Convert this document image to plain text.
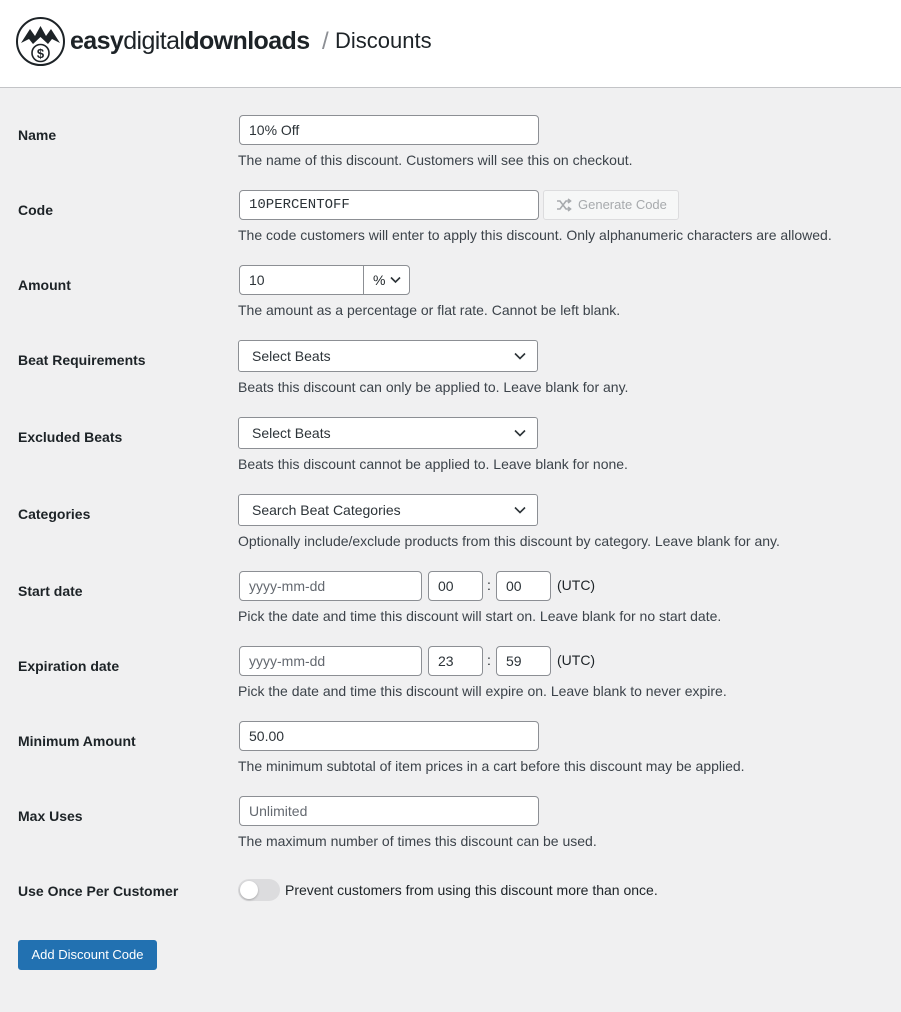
$ easydigitaldownloads / Discounts
Name	10% Off
The name of this discount. Customers will see this on checkout.
Code	10PERCENTOFF	Generate Code
The code customers will enter to apply this discount. Only alphanumeric characters are allowed.
Amount	10	%
The amount as a percentage or flat rate. Cannot be left blank.
Beat Requirements	Select Beats
Beats this discount can only be applied to. Leave blank for any.
Excluded Beats	Select Beats
Beats this discount cannot be applied to. Leave blank for none.
Categories	Search Beat Categories
Optionally include/exclude products from this discount by category. Leave blank for any.
Start date	yyyy-mm-dd	00	:	00	(UTC)
Pick the date and time this discount will start on. Leave blank for no start date.
Expiration date	yyyy-mm-dd	23	:	59	(UTC)
Pick the date and time this discount will expire on. Leave blank to never expire.
Minimum Amount	50.00
The minimum subtotal of item prices in a cart before this discount may be applied.
Max Uses	Unlimited
The maximum number of times this discount can be used.
Use Once Per Customer	Prevent customers from using this discount more than once.
Add Discount Code
